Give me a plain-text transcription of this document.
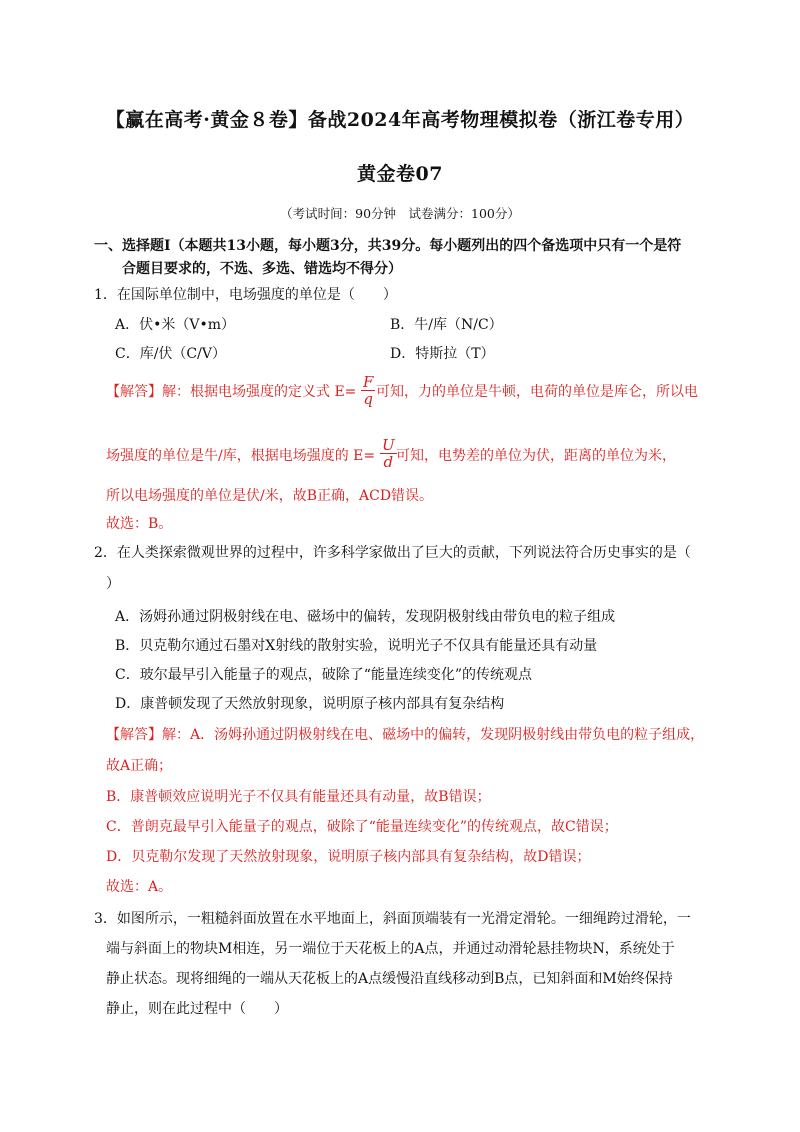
【赢在高考·黄金８卷】备战2024年高考物理模拟卷（浙江卷专用）
黄金卷07
（考试时间：90分钟　试卷满分：100分）
一、选择题Ⅰ（本题共13小题，每小题3分，共39分。每小题列出的四个备选项中只有一个是符
合题目要求的，不选、多选、错选均不得分）
1．在国际单位制中，电场强度的单位是（　　）
A．伏•米（V•m）	B．牛/库（N/C）
C．库/伏（C/V）	D．特斯拉（T）
【解答】解：根据电场强度的定义式 E=
F
q 可知，力的单位是牛顿，电荷的单位是库仑，所以电
场强度的单位是牛/库，根据电场强度的 E=
U
d 可知，电势差的单位为伏，距离的单位为米，
所以电场强度的单位是伏/米，故B正确，ACD错误。
故选：B。
2．在人类探索微观世界的过程中，许多科学家做出了巨大的贡献，下列说法符合历史事实的是（
）
A．汤姆孙通过阴极射线在电、磁场中的偏转，发现阴极射线由带负电的粒子组成
B．贝克勒尔通过石墨对X射线的散射实验，说明光子不仅具有能量还具有动量
C．玻尔最早引入能量子的观点，破除了“能量连续变化”的传统观点
D．康普顿发现了天然放射现象，说明原子核内部具有复杂结构
【解答】解：A．汤姆孙通过阴极射线在电、磁场中的偏转，发现阴极射线由带负电的粒子组成，
故A正确；
B．康普顿效应说明光子不仅具有能量还具有动量，故B错误；
C．普朗克最早引入能量子的观点，破除了“能量连续变化”的传统观点，故C错误；
D．贝克勒尔发现了天然放射现象，说明原子核内部具有复杂结构，故D错误；
故选：A。
3．如图所示，一粗糙斜面放置在水平地面上，斜面顶端装有一光滑定滑轮。一细绳跨过滑轮，一
端与斜面上的物块M相连，另一端位于天花板上的A点，并通过动滑轮悬挂物块N，系统处于
静止状态。现将细绳的一端从天花板上的A点缓慢沿直线移动到B点，已知斜面和M始终保持
静止，则在此过程中（　　）
